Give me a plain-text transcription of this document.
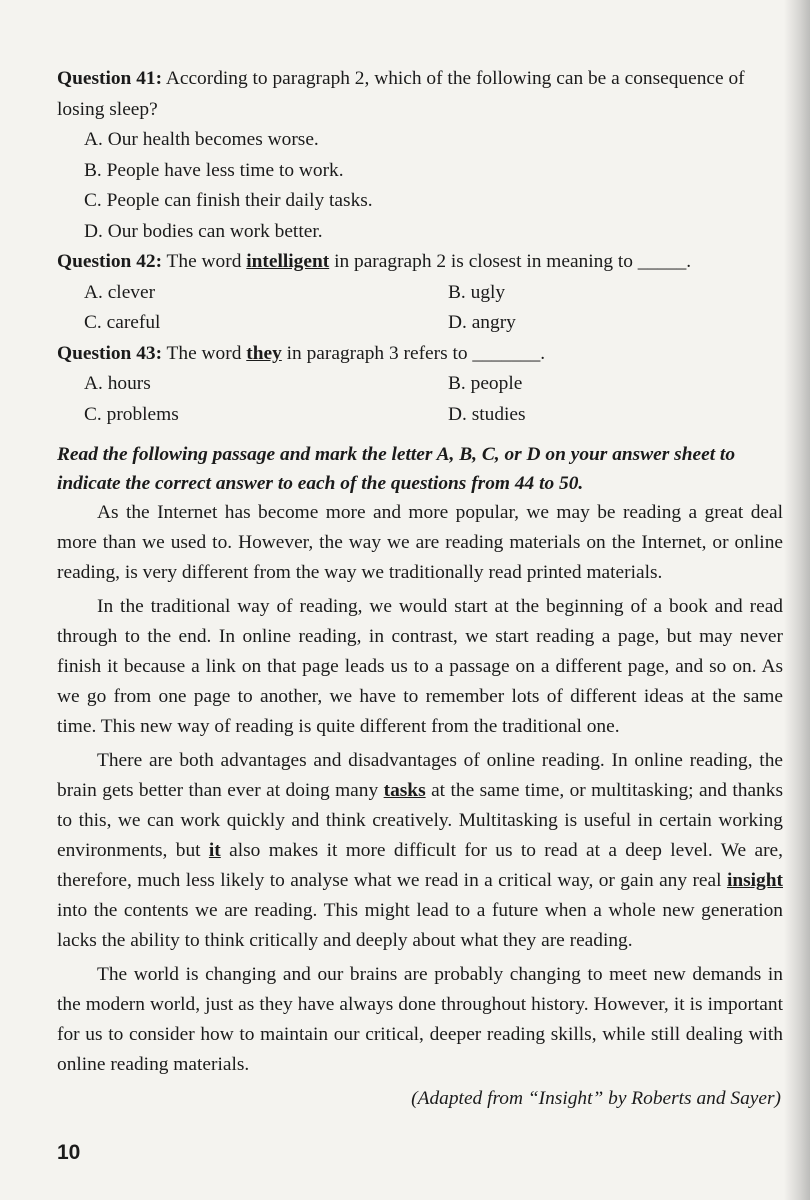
Question 41: According to paragraph 2, which of the following can be a consequence of losing sleep?

A. Our health becomes worse.

B. People have less time to work.

C. People can finish their daily tasks.

D. Our bodies can work better.

Question 42: The word intelligent in paragraph 2 is closest in meaning to _____.

A. clever	B. ugly
C. careful	D. angry

Question 43: The word they in paragraph 3 refers to _______.

A. hours	B. people
C. problems	D. studies

Read the following passage and mark the letter A, B, C, or D on your answer sheet to indicate the correct answer to each of the questions from 44 to 50.

As the Internet has become more and more popular, we may be reading a great deal more than we used to. However, the way we are reading materials on the Internet, or online reading, is very different from the way we traditionally read printed materials.

In the traditional way of reading, we would start at the beginning of a book and read through to the end. In online reading, in contrast, we start reading a page, but may never finish it because a link on that page leads us to a passage on a different page, and so on. As we go from one page to another, we have to remember lots of different ideas at the same time. This new way of reading is quite different from the traditional one.

There are both advantages and disadvantages of online reading. In online reading, the brain gets better than ever at doing many tasks at the same time, or multitasking; and thanks to this, we can work quickly and think creatively. Multitasking is useful in certain working environments, but it also makes it more difficult for us to read at a deep level. We are, therefore, much less likely to analyse what we read in a critical way, or gain any real insight into the contents we are reading. This might lead to a future when a whole new generation lacks the ability to think critically and deeply about what they are reading.

The world is changing and our brains are probably changing to meet new demands in the modern world, just as they have always done throughout history. However, it is important for us to consider how to maintain our critical, deeper reading skills, while still dealing with online reading materials.

(Adapted from “Insight” by Roberts and Sayer)

10
